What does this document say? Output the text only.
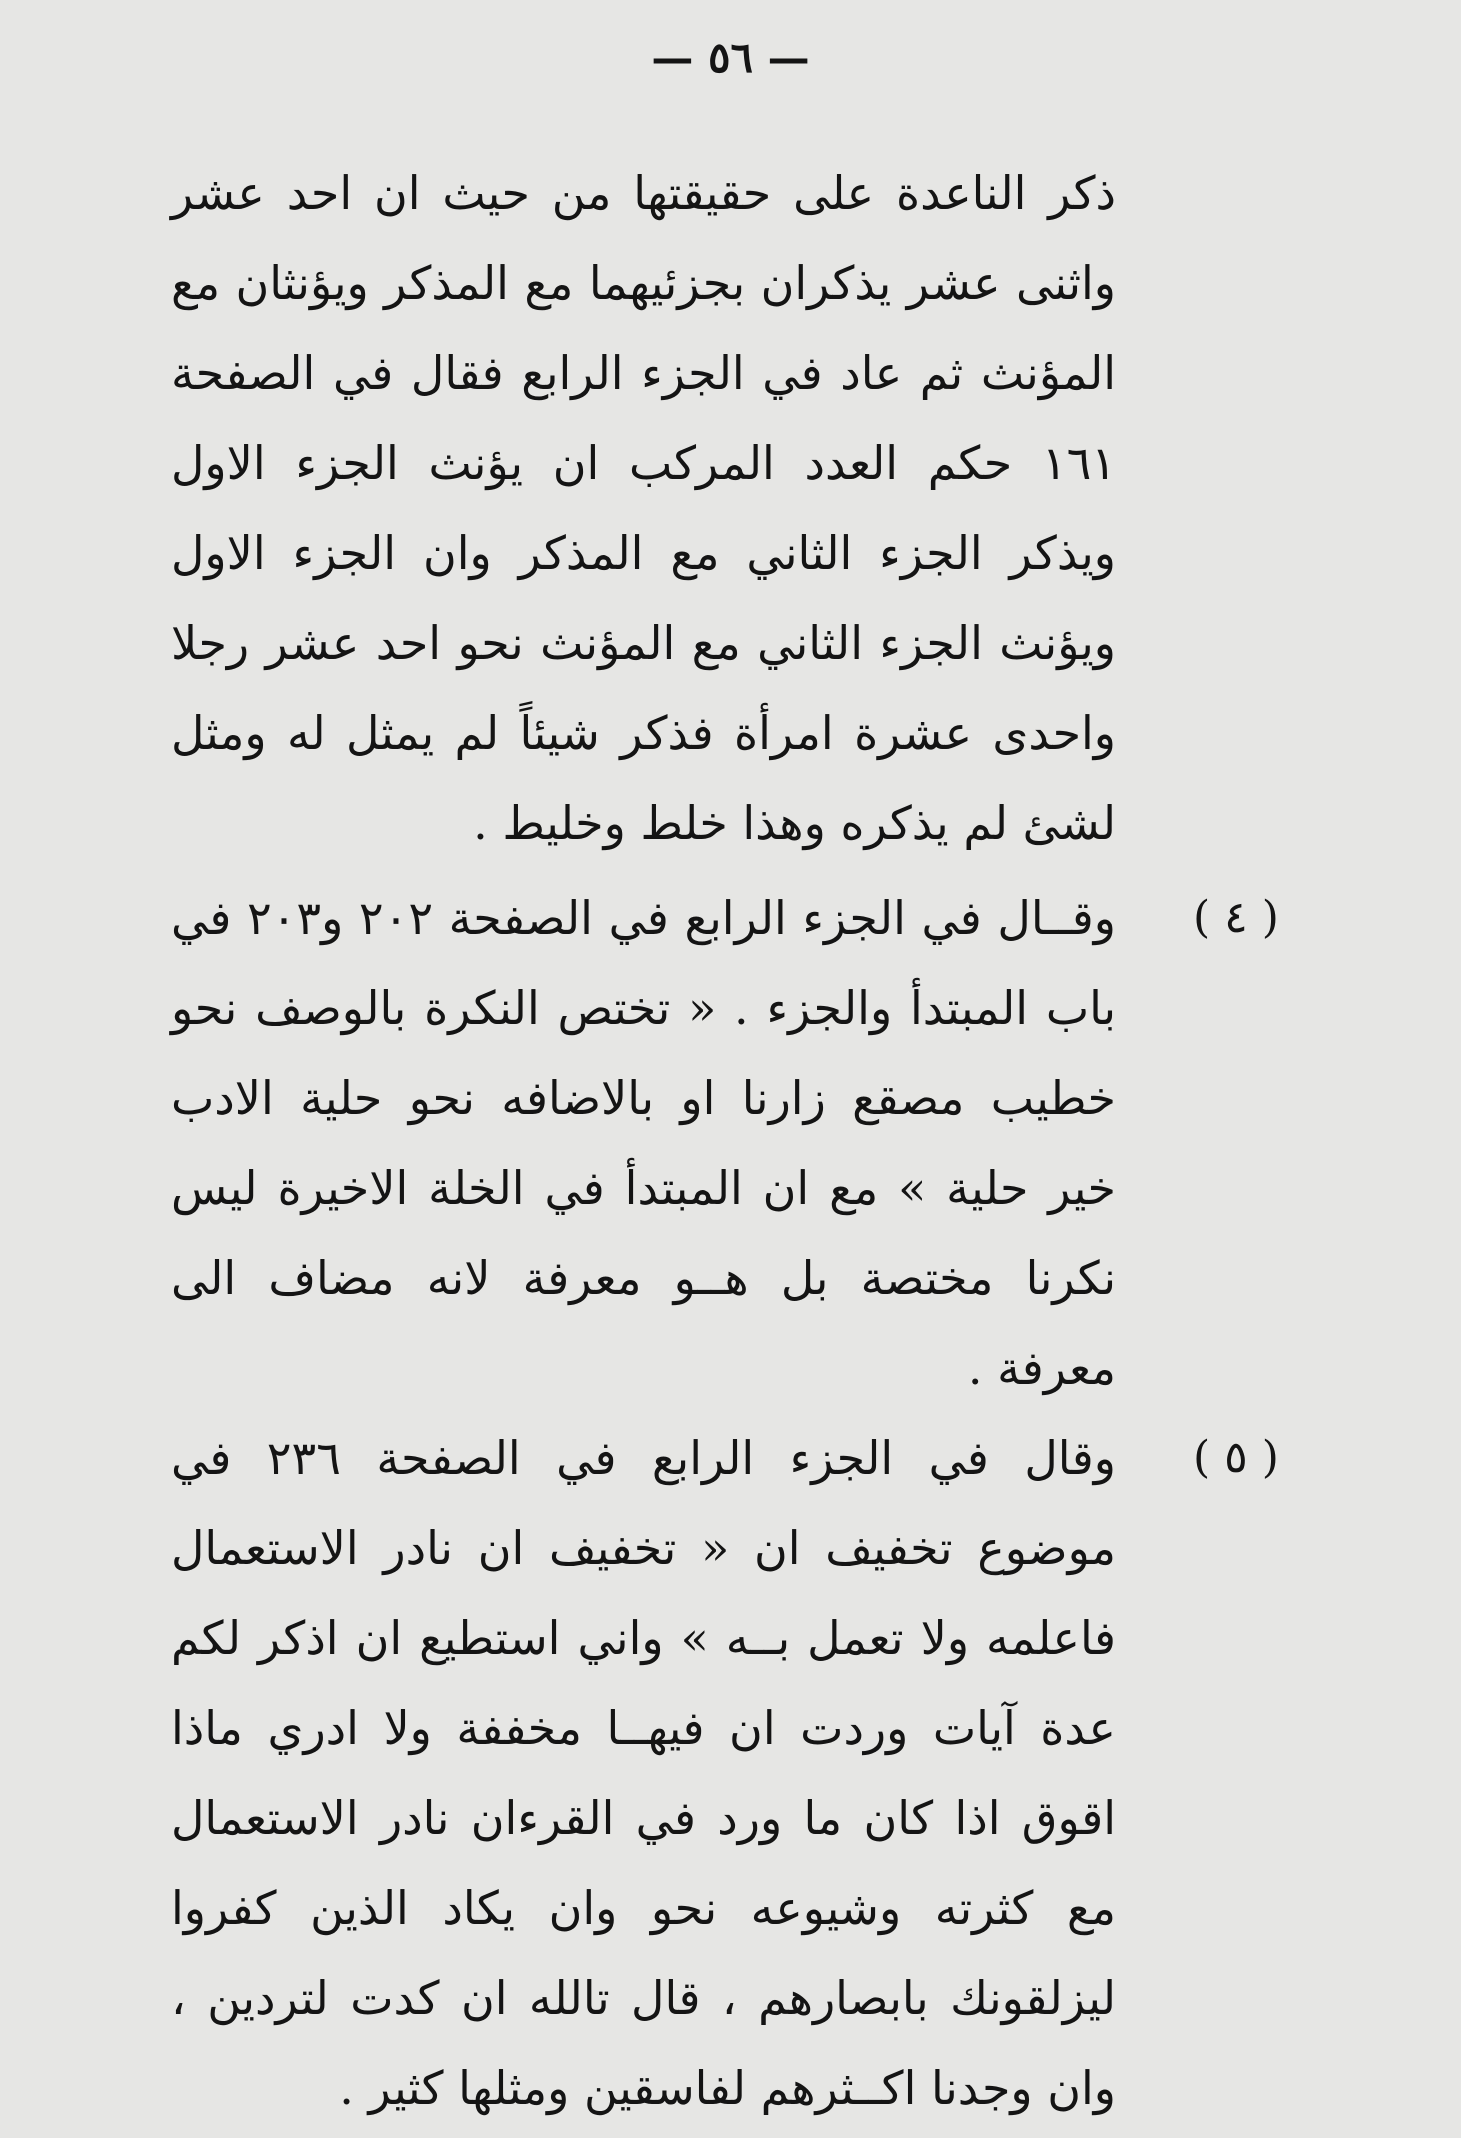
— ٥٦ —

ذكر الناعدة على حقيقتها من حيث ان احد عشر واثنى عشر يذكران بجزئيهما مع المذكر ويؤنثان مع المؤنث ثم عاد في الجزء الرابع فقال في الصفحة ١٦١ حكم العدد المركب ان يؤنث الجزء الاول ويذكر الجزء الثاني مع المذكر وان الجزء الاول ويؤنث الجزء الثاني مع المؤنث نحو احد عشر رجلا واحدى عشرة امرأة فذكر شيئاً لم يمثل له ومثل لشئ لم يذكره وهذا خلط وخليط .

( ٤ )

وقــال في الجزء الرابع في الصفحة ٢٠٢ و٢٠٣ في باب المبتدأ والجزء . « تختص النكرة بالوصف نحو خطيب مصقع زارنا او بالاضافه نحو حلية الادب خير حلية » مع ان المبتدأ في الخلة الاخيرة ليس نكرنا مختصة بل هــو معرفة لانه مضاف الى معرفة .

( ٥ )

وقال في الجزء الرابع في الصفحة ٢٣٦ في موضوع تخفيف ان « تخفيف ان نادر الاستعمال فاعلمه ولا تعمل بــه » واني استطيع ان اذكر لكم عدة آيات وردت ان فيهــا مخففة ولا ادري ماذا اقوق اذا كان ما ورد في القرءان نادر الاستعمال مع كثرته وشيوعه نحو وان يكاد الذين كفروا ليزلقونك بابصارهم ، قال تالله ان كدت لتردين ، وان وجدنا اكــثرهم لفاسقين ومثلها كثير .
